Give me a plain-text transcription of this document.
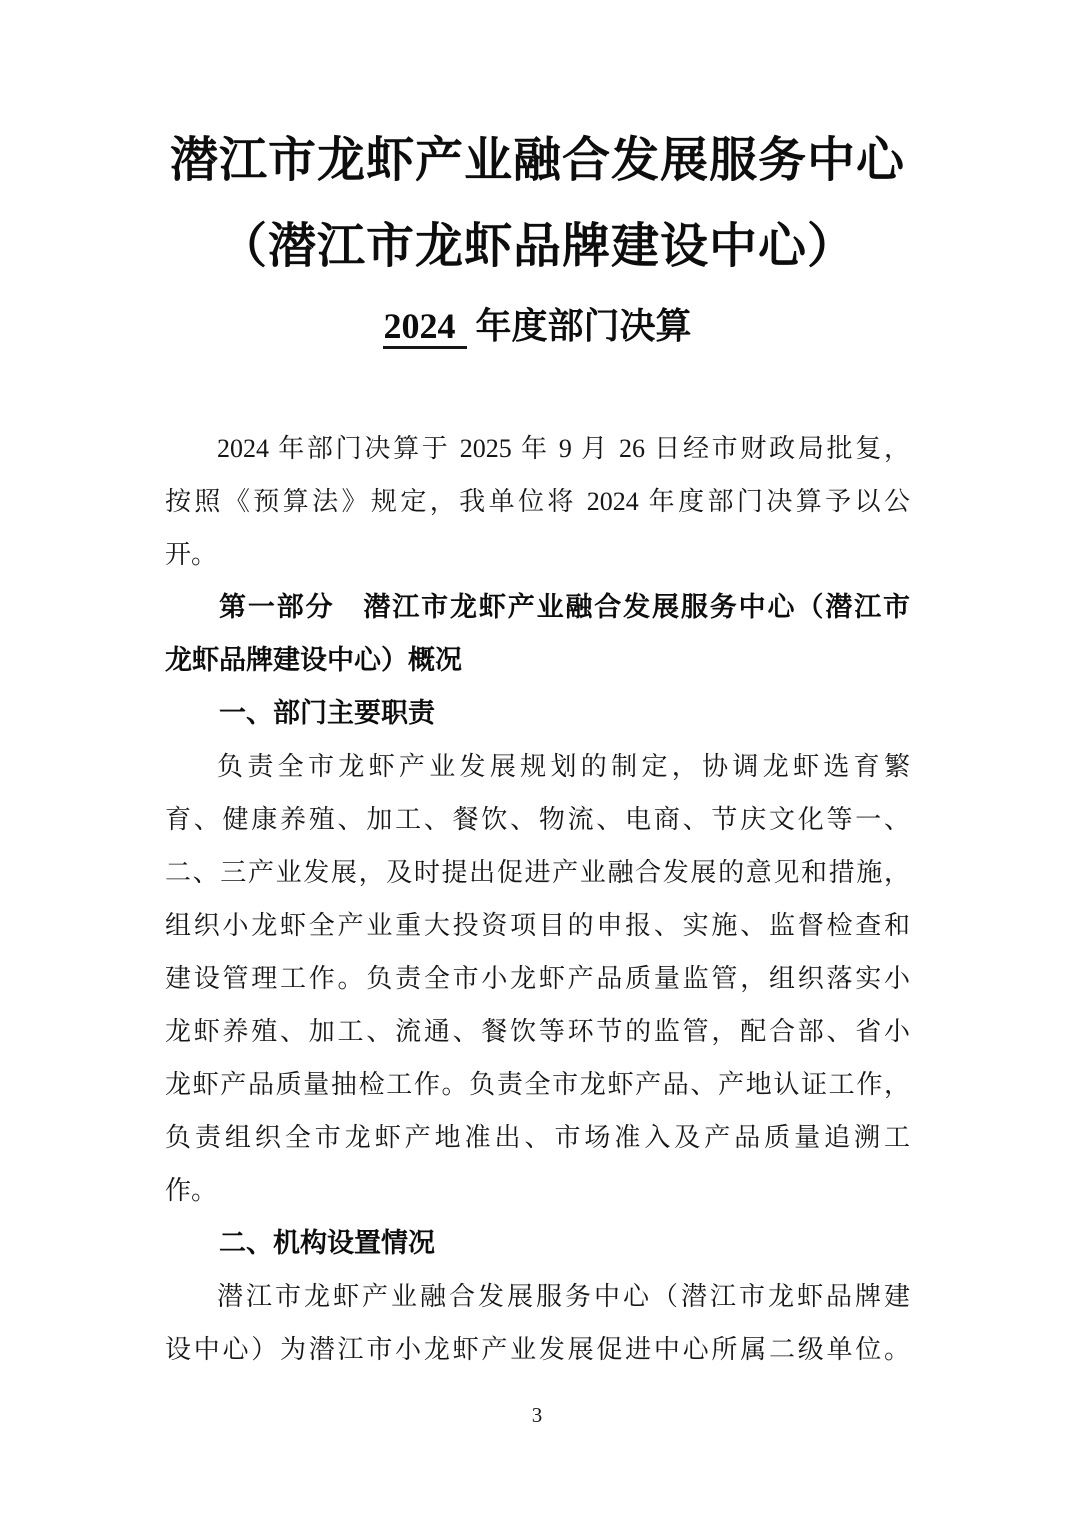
潜江市龙虾产业融合发展服务中心
（潜江市龙虾品牌建设中心）
2024 年度部门决算
2024 年部门决算于 2025 年 9 月 26 日经市财政局批复，
按照《预算法》规定，我单位将 2024 年度部门决算予以公
开。
第一部分　潜江市龙虾产业融合发展服务中心（潜江市
龙虾品牌建设中心）概况
一、部门主要职责
负责全市龙虾产业发展规划的制定，协调龙虾选育繁
育、健康养殖、加工、餐饮、物流、电商、节庆文化等一、
二、三产业发展，及时提出促进产业融合发展的意见和措施，
组织小龙虾全产业重大投资项目的申报、实施、监督检查和
建设管理工作。负责全市小龙虾产品质量监管，组织落实小
龙虾养殖、加工、流通、餐饮等环节的监管，配合部、省小
龙虾产品质量抽检工作。负责全市龙虾产品、产地认证工作，
负责组织全市龙虾产地准出、市场准入及产品质量追溯工
作。
二、机构设置情况
潜江市龙虾产业融合发展服务中心（潜江市龙虾品牌建
设中心）为潜江市小龙虾产业发展促进中心所属二级单位。
3
